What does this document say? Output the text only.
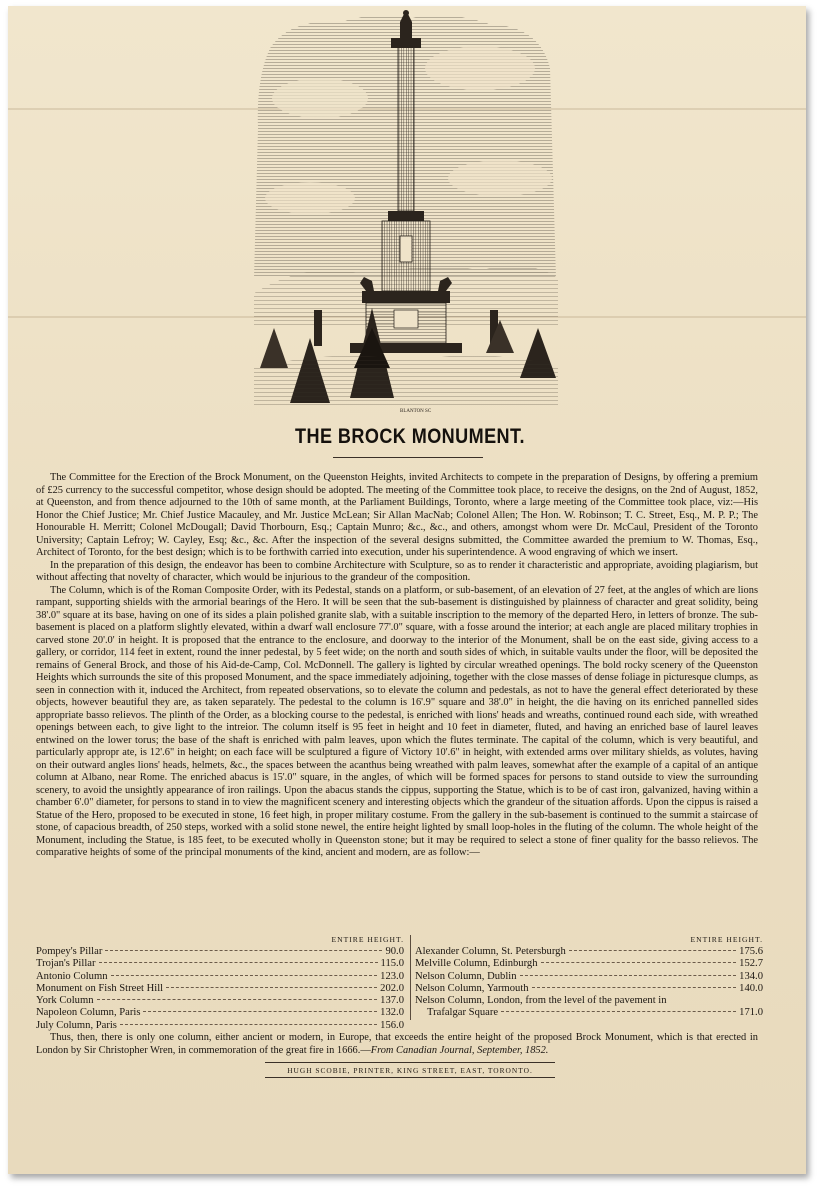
BLANTON SC
THE BROCK MONUMENT.

The Committee for the Erection of the Brock Monument, on the Queenston Heights, invited Architects to compete in the preparation of Designs, by offering a premium of £25 currency to the successful competitor, whose design should be adopted. The meeting of the Committee took place, to receive the designs, on the 2nd of August, 1852, at Queenston, and from thence adjourned to the 10th of same month, at the Parliament Buildings, Toronto, where a large meeting of the Committee took place, viz:—His Honor the Chief Justice; Mr. Chief Justice Macauley, and Mr. Justice McLean; Sir Allan MacNab; Colonel Allen; The Hon. W. Robinson; T. C. Street, Esq., M. P. P.; The Honourable H. Merritt; Colonel McDougall; David Thorbourn, Esq.; Captain Munro; &c., &c., and others, amongst whom were Dr. McCaul, President of the Toronto University; Captain Lefroy; W. Cayley, Esq; &c., &c. After the inspection of the several designs submitted, the Committee awarded the premium to W. Thomas, Esq., Architect of Toronto, for the best design; which is to be forthwith carried into execution, under his superintendence. A wood engraving of which we insert.

In the preparation of this design, the endeavor has been to combine Architecture with Sculpture, so as to render it characteristic and appropriate, avoiding plagiarism, but without affecting that novelty of character, which would be injurious to the grandeur of the composition.

The Column, which is of the Roman Composite Order, with its Pedestal, stands on a platform, or sub-basement, of an elevation of 27 feet, at the angles of which are lions rampant, supporting shields with the armorial bearings of the Hero. It will be seen that the sub-basement is distinguished by plainness of character and great solidity, being 38'.0" square at its base, having on one of its sides a plain polished granite slab, with a suitable inscription to the memory of the departed Hero, in letters of bronze. The sub-basement is placed on a platform slightly elevated, within a dwarf wall enclosure 77'.0" square, with a fosse around the interior; at each angle are placed military trophies in carved stone 20'.0' in height. It is proposed that the entrance to the enclosure, and doorway to the interior of the Monument, shall be on the east side, giving access to a gallery, or corridor, 114 feet in extent, round the inner pedestal, by 5 feet wide; on the north and south sides of which, in suitable vaults under the floor, will be deposited the remains of General Brock, and those of his Aid-de-Camp, Col. McDonnell. The gallery is lighted by circular wreathed openings. The bold rocky scenery of the Queenston Heights which surrounds the site of this proposed Monument, and the space immediately adjoining, together with the close masses of dense foliage in picturesque clumps, as seen in connection with it, induced the Architect, from repeated observations, so to elevate the column and pedestals, as not to have the general effect deteriorated by these objects, however beautiful they are, as taken separately. The pedestal to the column is 16'.9" square and 38'.0" in height, the die having on its enriched pannelled sides appropriate basso relievos. The plinth of the Order, as a blocking course to the pedestal, is enriched with lions' heads and wreaths, continued round each side, with wreathed openings between each, to give light to the intreior. The column itself is 95 feet in height and 10 feet in diameter, fluted, and having an enriched base of laurel leaves entwined on the lower torus; the base of the shaft is enriched with palm leaves, upon which the flutes terminate. The capital of the column, which is very beautiful, and particularly appropr ate, is 12'.6" in height; on each face will be sculptured a figure of Victory 10'.6" in height, with extended arms over military shields, as volutes, having on their outward angles lions' heads, helmets, &c., the spaces between the acanthus being wreathed with palm leaves, somewhat after the example of a capital of an antique column at Albano, near Rome. The enriched abacus is 15'.0" square, in the angles, of which will be formed spaces for persons to stand outside to view the surrounding scenery, to avoid the unsightly appearance of iron railings. Upon the abacus stands the cippus, supporting the Statue, which is to be of cast iron, galvanized, having within a chamber 6'.0" diameter, for persons to stand in to view the magnificent scenery and interesting objects which the grandeur of the situation affords. Upon the cippus is raised a Statue of the Hero, proposed to be executed in stone, 16 feet high, in proper military costume. From the gallery in the sub-basement is continued to the summit a staircase of stone, of capacious breadth, of 250 steps, worked with a solid stone newel, the entire height lighted by small loop-holes in the fluting of the column. The whole height of the Monument, including the Statue, is 185 feet, to be executed wholly in Queenston stone; but it may be required to select a stone of finer quality for the basso relievos. The comparative heights of some of the principal monuments of the kind, ancient and modern, are as follow:—

ENTIRE HEIGHT.
Pompey's Pillar	90.0
Trojan's Pillar	115.0
Antonio Column	123.0
Monument on Fish Street Hill	202.0
York Column	137.0
Napoleon Column, Paris	132.0
July Column, Paris	156.0
ENTIRE HEIGHT.
Alexander Column, St. Petersburgh	175.6
Melville Column, Edinburgh	152.7
Nelson Column, Dublin	134.0
Nelson Column, Yarmouth	140.0
Nelson Column, London, from the level of the pavement in
Trafalgar Square	171.0

Thus, then, there is only one column, either ancient or modern, in Europe, that exceeds the entire height of the proposed Brock Monument, which is that erected in London by Sir Christopher Wren, in commemoration of the great fire in 1666.—From Canadian Journal, September, 1852.

HUGH SCOBIE, PRINTER, KING STREET, EAST, TORONTO.
